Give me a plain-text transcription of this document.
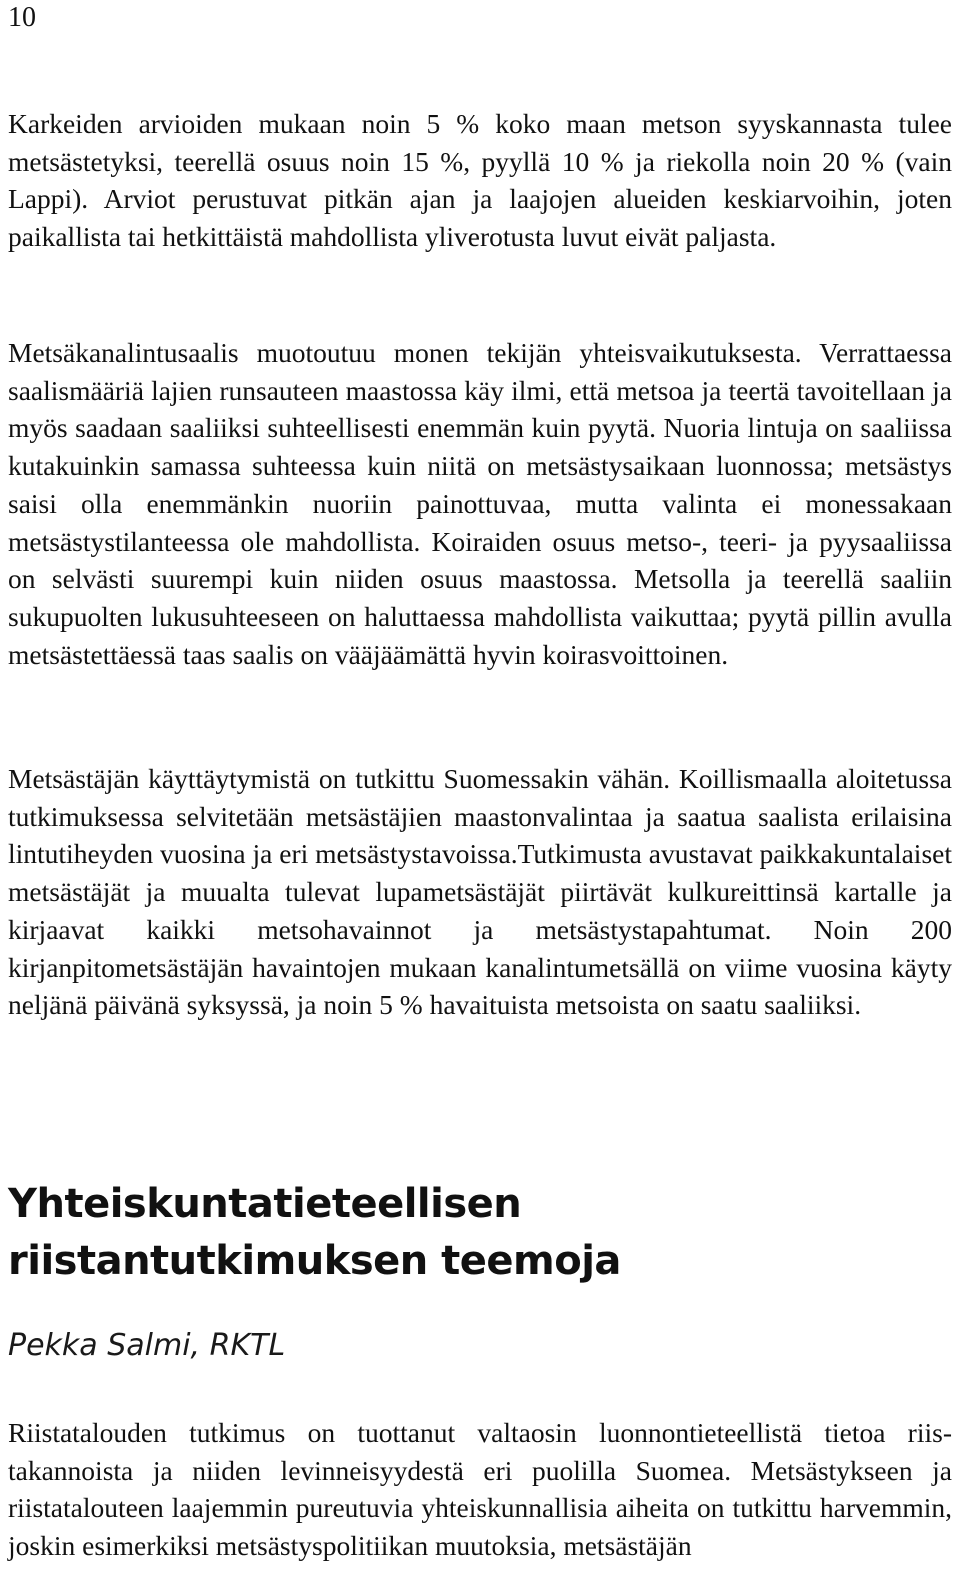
10

Karkeiden arvioiden mukaan noin 5 % koko maan metson syyskannasta tulee metsästetyksi, teerellä osuus noin 15 %, pyyllä 10 % ja riekolla noin 20 % (vain Lappi). Arviot perustuvat pitkän ajan ja laajojen alueiden keskiarvoihin, joten paikallista tai hetkittäistä mahdollista yliverotusta luvut eivät paljasta.

Metsäkanalintusaalis muotoutuu monen tekijän yhteisvaikutuksesta. Verrattaessa saalismääriä lajien runsauteen maastossa käy ilmi, että metsoa ja teertä tavoitellaan ja myös saadaan saaliiksi suhteellisesti enemmän kuin pyytä. Nuoria lintuja on saaliissa kutakuinkin samassa suhteessa kuin niitä on metsästysaikaan luonnossa; metsästys saisi olla enemmänkin nuoriin painottuvaa, mutta valinta ei monessakaan metsästystilanteessa ole mahdollista. Koiraiden osuus metso-, teeri- ja pyysaaliissa on selvästi suurempi kuin niiden osuus maastossa. Metsolla ja teerellä saaliin sukupuolten lukusuhteeseen on haluttaessa mahdollista vaikuttaa; pyytä pillin avulla metsästettäessä taas saalis on vääjäämättä hyvin koirasvoittoinen.

Metsästäjän käyttäytymistä on tutkittu Suomessakin vähän. Koillismaalla aloitetussa tutkimuksessa selvitetään metsästäjien maastonvalintaa ja saatua saalista erilaisina lintutiheyden vuosina ja eri metsästystavoissa.Tutkimusta avustavat paikkakuntalaiset metsästäjät ja muualta tulevat lupametsästäjät piirtävät kulkureittinsä kartalle ja kirjaavat kaikki metsohavainnot ja metsästystapahtumat. Noin 200 kirjanpitometsästäjän havaintojen mukaan kanalintumetsällä on viime vuosina käyty neljänä päivänä syksyssä, ja noin 5 % havaituista metsoista on saatu saaliiksi.

Yhteiskuntatieteellisen riistantutkimuksen teemoja
Pekka Salmi, RKTL

Riistatalouden tutkimus on tuottanut valtaosin luonnontieteellistä tietoa riistakannoista ja niiden levinneisyydestä eri puolilla Suomea. Metsästykseen ja riistatalouteen laajemmin pureutuvia yhteiskunnallisia aiheita on tutkittu harvemmin, joskin esimerkiksi metsästyspolitiikan muutoksia, metsästäjän
